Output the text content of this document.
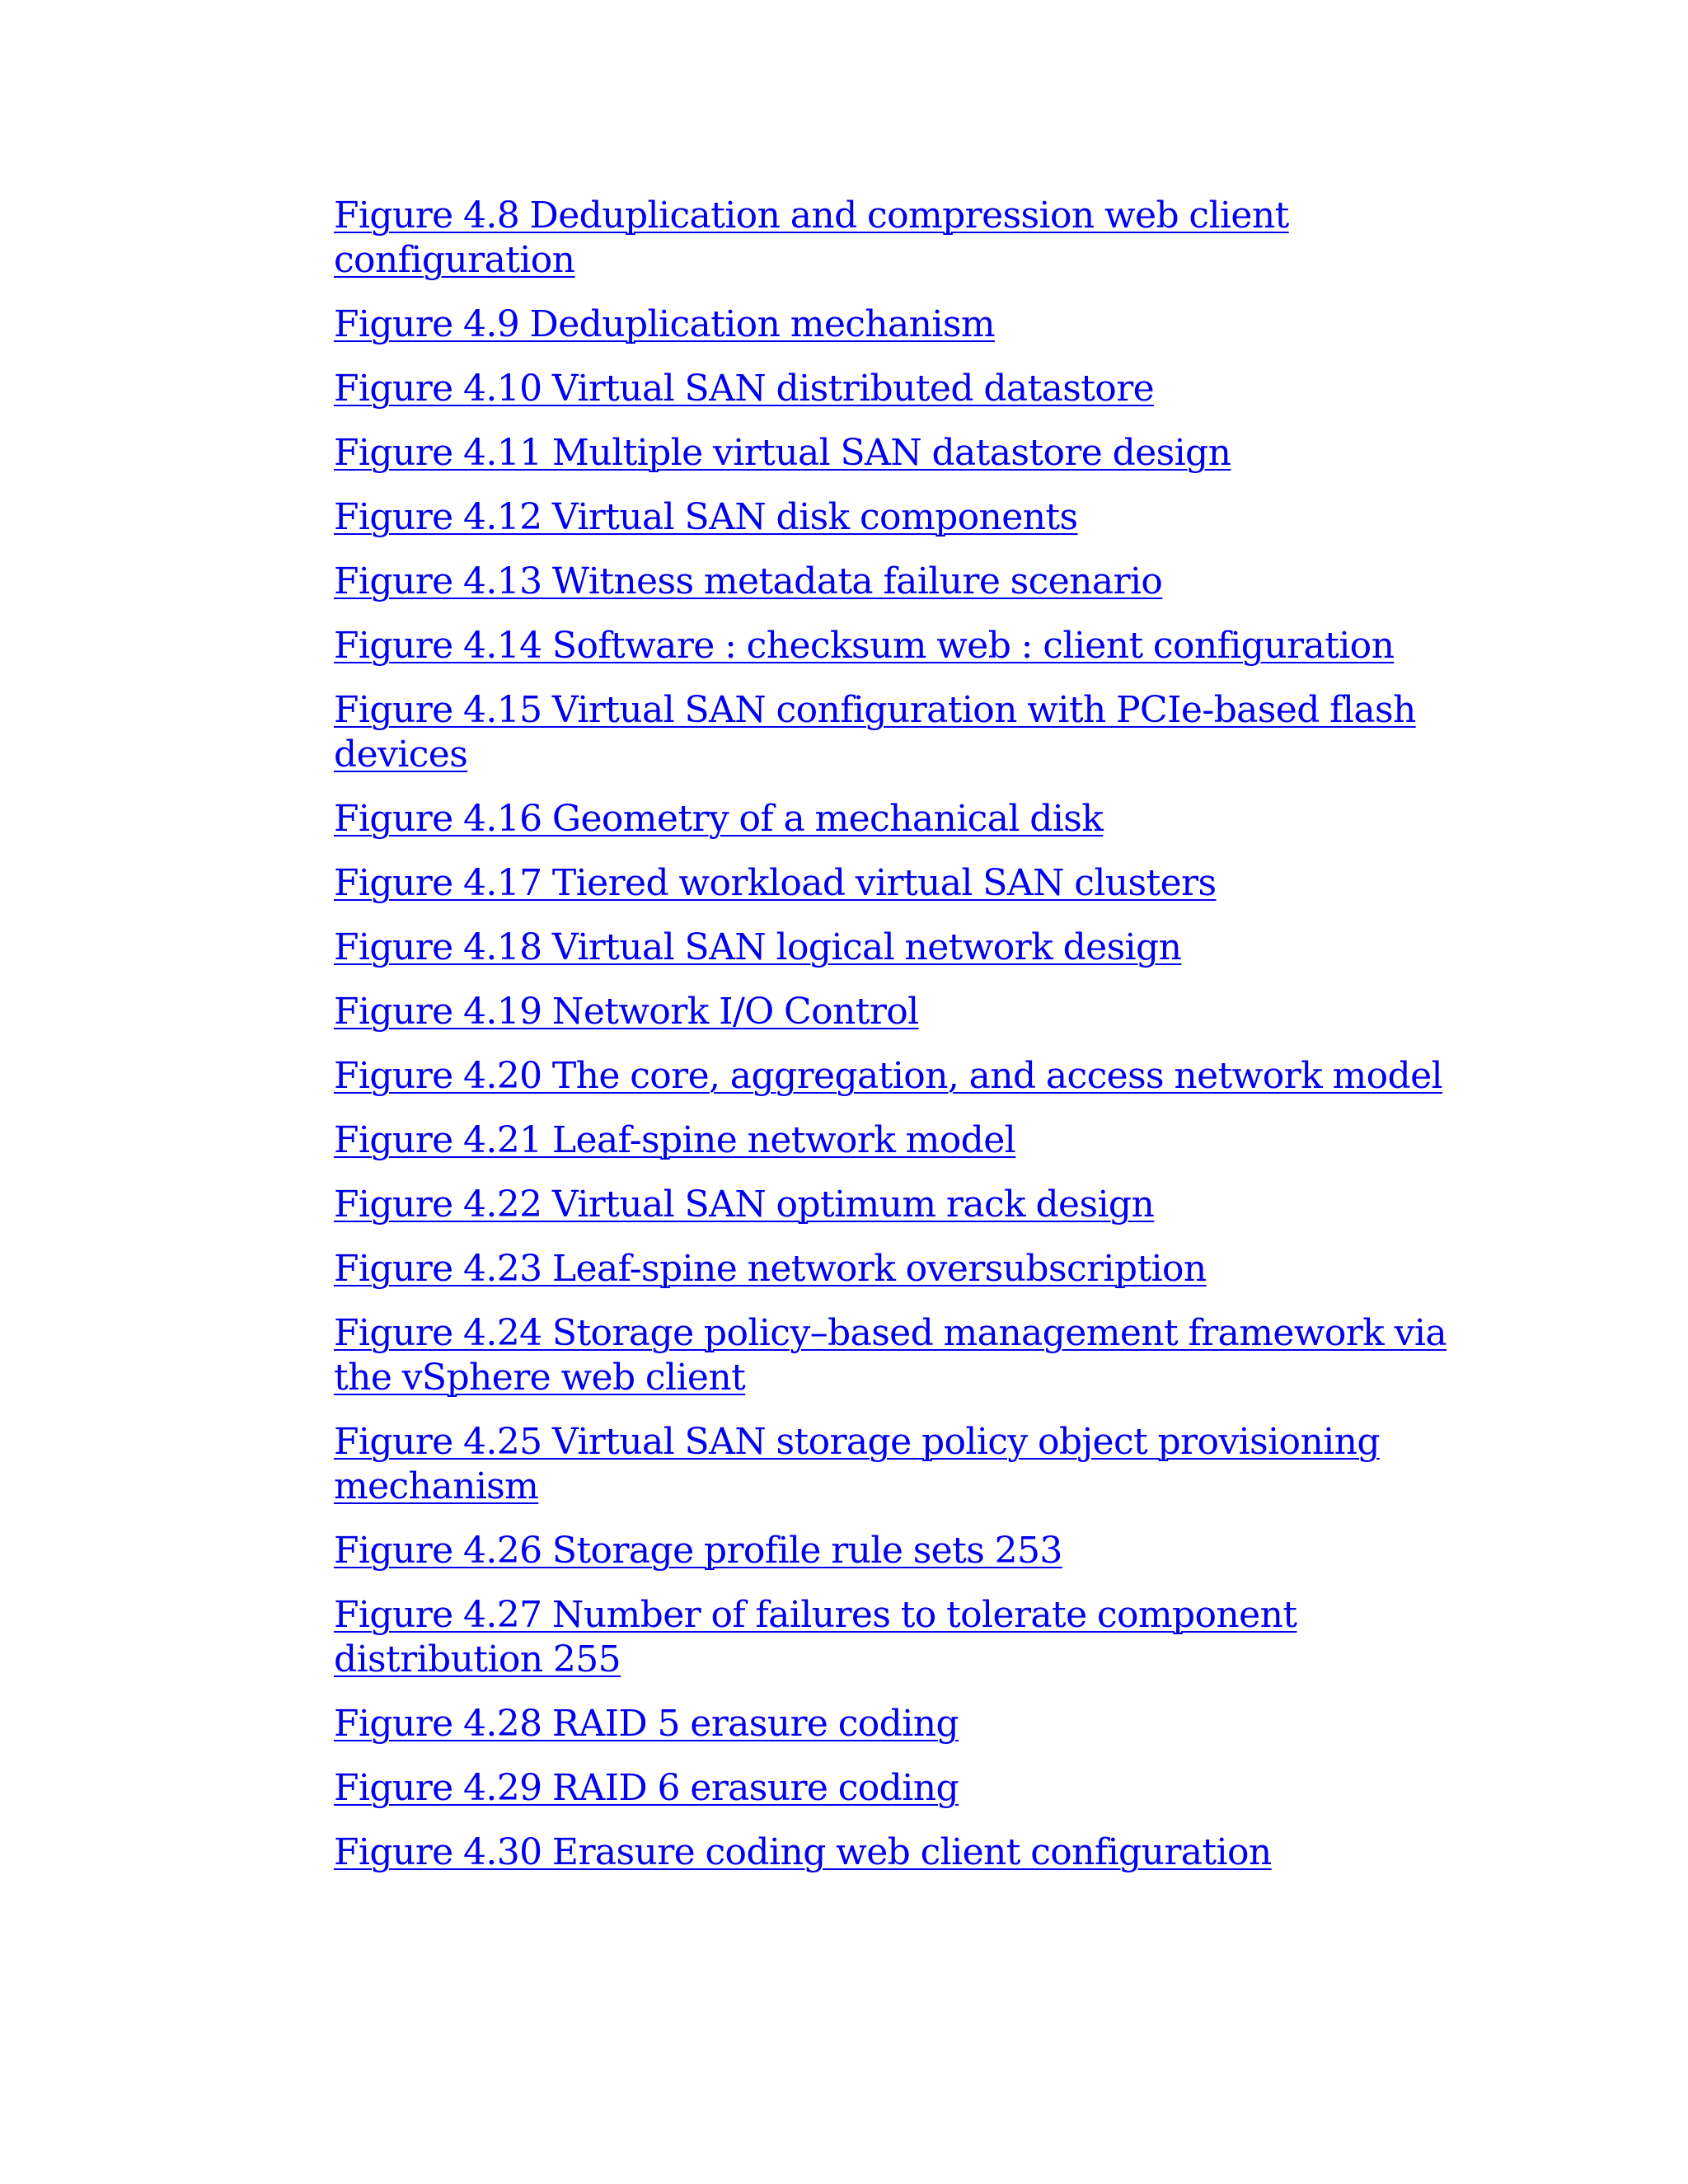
Figure 4.8 Deduplication and compression web client configuration
Figure 4.9 Deduplication mechanism
Figure 4.10 Virtual SAN distributed datastore
Figure 4.11 Multiple virtual SAN datastore design
Figure 4.12 Virtual SAN disk components
Figure 4.13 Witness metadata failure scenario
Figure 4.14 Software : checksum web : client configuration
Figure 4.15 Virtual SAN configuration with PCIe-based flash devices
Figure 4.16 Geometry of a mechanical disk
Figure 4.17 Tiered workload virtual SAN clusters
Figure 4.18 Virtual SAN logical network design
Figure 4.19 Network I/O Control
Figure 4.20 The core, aggregation, and access network model
Figure 4.21 Leaf-spine network model
Figure 4.22 Virtual SAN optimum rack design
Figure 4.23 Leaf-spine network oversubscription
Figure 4.24 Storage policy–based management framework via the vSphere web client
Figure 4.25 Virtual SAN storage policy object provisioning mechanism
Figure 4.26 Storage profile rule sets 253
Figure 4.27 Number of failures to tolerate component distribution 255
Figure 4.28 RAID 5 erasure coding
Figure 4.29 RAID 6 erasure coding
Figure 4.30 Erasure coding web client configuration
